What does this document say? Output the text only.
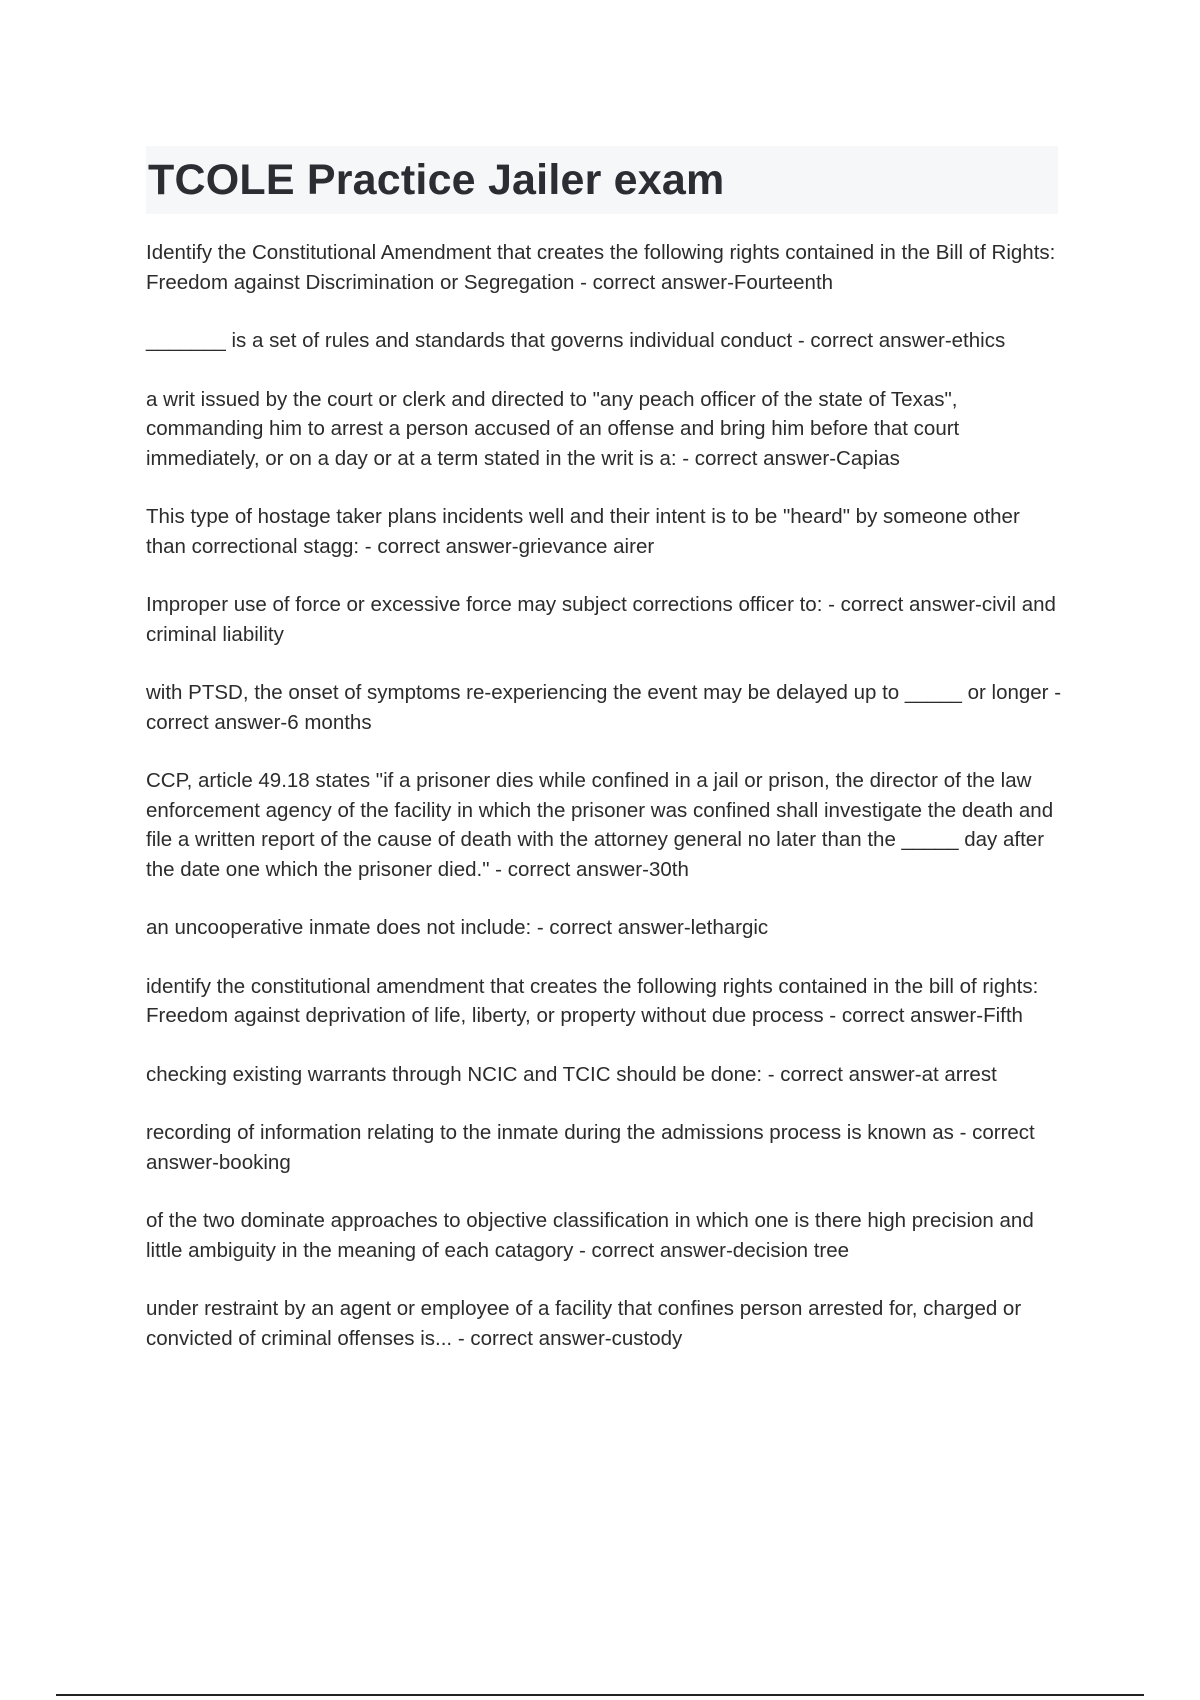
TCOLE Practice Jailer exam

Identify the Constitutional Amendment that creates the following rights contained in the Bill of Rights: Freedom against Discrimination or Segregation - correct answer-Fourteenth

_______ is a set of rules and standards that governs individual conduct - correct answer-ethics

a writ issued by the court or clerk and directed to "any peach officer of the state of Texas", commanding him to arrest a person accused of an offense and bring him before that court immediately, or on a day or at a term stated in the writ is a: - correct answer-Capias

This type of hostage taker plans incidents well and their intent is to be "heard" by someone other than correctional stagg: - correct answer-grievance airer

Improper use of force or excessive force may subject corrections officer to: - correct answer-civil and criminal liability

with PTSD, the onset of symptoms re-experiencing the event may be delayed up to _____ or longer - correct answer-6 months

CCP, article 49.18 states "if a prisoner dies while confined in a jail or prison, the director of the law enforcement agency of the facility in which the prisoner was confined shall investigate the death and file a written report of the cause of death with the attorney general no later than the _____ day after the date one which the prisoner died." - correct answer-30th

an uncooperative inmate does not include: - correct answer-lethargic

identify the constitutional amendment that creates the following rights contained in the bill of rights: Freedom against deprivation of life, liberty, or property without due process - correct answer-Fifth

checking existing warrants through NCIC and TCIC should be done: - correct answer-at arrest

recording of information relating to the inmate during the admissions process is known as - correct answer-booking

of the two dominate approaches to objective classification in which one is there high precision and little ambiguity in the meaning of each catagory - correct answer-decision tree

under restraint by an agent or employee of a facility that confines person arrested for, charged or convicted of criminal offenses is... - correct answer-custody
